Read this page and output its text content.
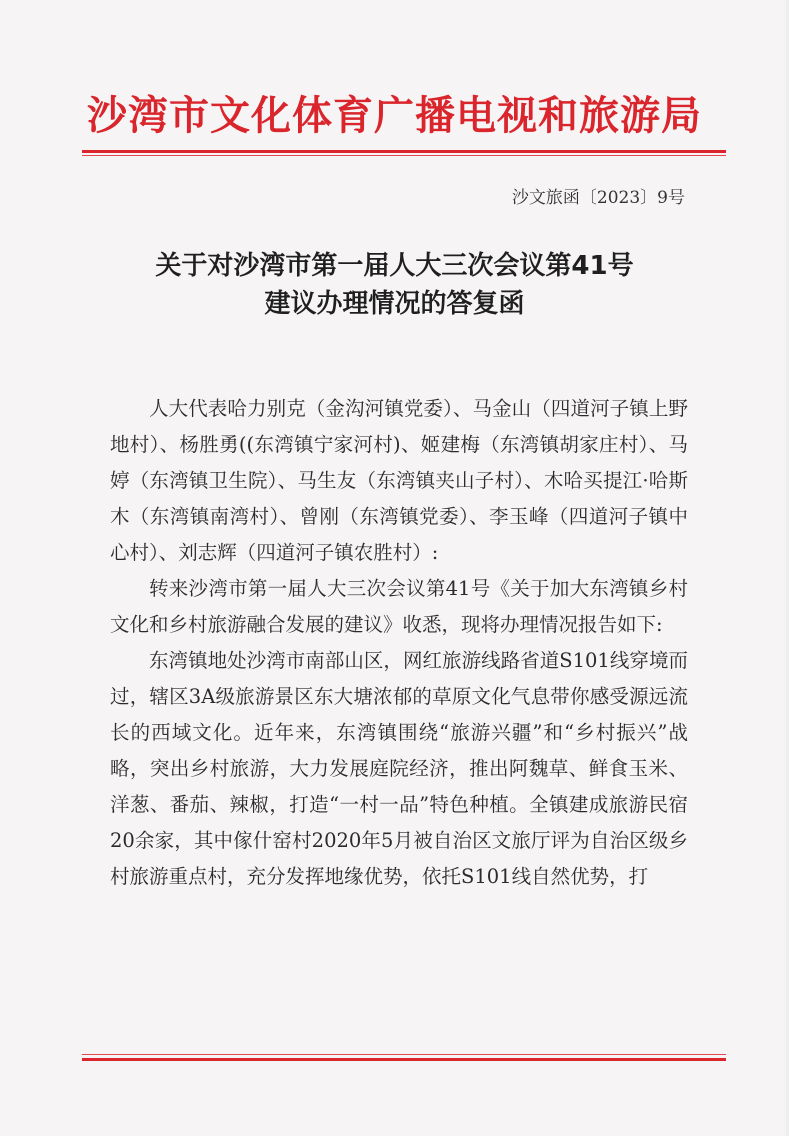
沙湾市文化体育广播电视和旅游局
沙文旅函〔2023〕9号
关于对沙湾市第一届人大三次会议第41号
建议办理情况的答复函

人大代表哈力别克（金沟河镇党委）、马金山（四道河子镇上野地村）、杨胜勇((东湾镇宁家河村)、姬建梅（东湾镇胡家庄村）、马婷（东湾镇卫生院）、马生友（东湾镇夹山子村）、木哈买提江·哈斯木（东湾镇南湾村）、曾刚（东湾镇党委）、李玉峰（四道河子镇中心村）、刘志辉（四道河子镇农胜村）:

转来沙湾市第一届人大三次会议第41号《关于加大东湾镇乡村文化和乡村旅游融合发展的建议》收悉，现将办理情况报告如下:

东湾镇地处沙湾市南部山区，网红旅游线路省道S101线穿境而过，辖区3A级旅游景区东大塘浓郁的草原文化气息带你感受源远流长的西域文化。近年来，东湾镇围绕“旅游兴疆”和“乡村振兴”战略，突出乡村旅游，大力发展庭院经济，推出阿魏草、鲜食玉米、洋葱、番茄、辣椒，打造“一村一品”特色种植。全镇建成旅游民宿20余家，其中傢什窑村2020年5月被自治区文旅厅评为自治区级乡村旅游重点村，充分发挥地缘优势，依托S101线自然优势，打
